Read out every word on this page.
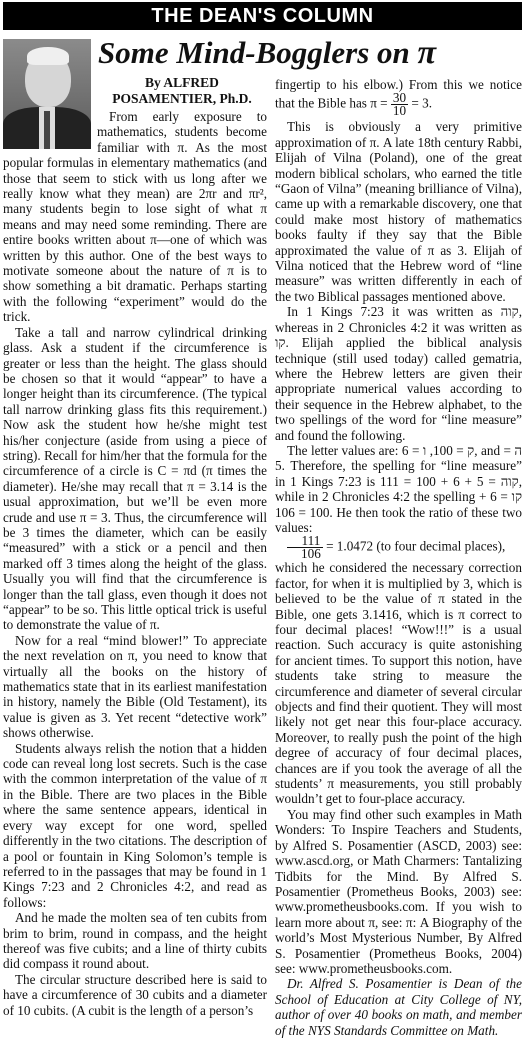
THE DEAN'S COLUMN
Some Mind-Bogglers on π
By ALFRED
POSAMENTIER, Ph.D.

From early exposure to mathematics, students become familiar with π. As the most popular formulas in elementary mathematics (and those that seem to stick with us long after we really know what they mean) are 2πr and πr², many students begin to lose sight of what π means and may need some reminding. There are entire books written about π—one of which was written by this author. One of the best ways to motivate someone about the nature of π is to show something a bit dramatic. Perhaps starting with the following “experiment” would do the trick.

Take a tall and narrow cylindrical drinking glass. Ask a student if the circumference is greater or less than the height. The glass should be chosen so that it would “appear” to have a longer height than its circumference. (The typical tall narrow drinking glass fits this requirement.) Now ask the student how he/she might test his/her conjecture (aside from using a piece of string). Recall for him/her that the formula for the circumference of a circle is C = πd (π times the diameter). He/she may recall that π = 3.14 is the usual approximation, but we’ll be even more crude and use π = 3. Thus, the circumference will be 3 times the diameter, which can be easily “measured” with a stick or a pencil and then marked off 3 times along the height of the glass. Usually you will find that the circumference is longer than the tall glass, even though it does not “appear” to be so. This little optical trick is useful to demonstrate the value of π.

Now for a real “mind blower!” To appreciate the next revelation on π, you need to know that virtually all the books on the history of mathematics state that in its earliest manifestation in history, namely the Bible (Old Testament), its value is given as 3. Yet recent “detective work” shows otherwise.

Students always relish the notion that a hidden code can reveal long lost secrets. Such is the case with the common interpretation of the value of π in the Bible. There are two places in the Bible where the same sentence appears, identical in every way except for one word, spelled differently in the two citations. The description of a pool or fountain in King Solomon’s temple is referred to in the passages that may be found in 1 Kings 7:23 and 2 Chronicles 4:2, and read as follows:

And he made the molten sea of ten cubits from brim to brim, round in compass, and the height thereof was five cubits; and a line of thirty cubits did compass it round about.

The circular structure described here is said to have a circumference of 30 cubits and a diameter of 10 cubits. (A cubit is the length of a person’s

fingertip to his elbow.) From this we notice that the Bible has $\pi = \frac{30}{10} = 3$.

This is obviously a very primitive approximation of π. A late 18th century Rabbi, Elijah of Vilna (Poland), one of the great modern biblical scholars, who earned the title “Gaon of Vilna” (meaning brilliance of Vilna), came up with a remarkable discovery, one that could make most history of mathematics books faulty if they say that the Bible approximated the value of π as 3. Elijah of Vilna noticed that the Hebrew word of “line measure” was written differently in each of the two Biblical passages mentioned above.

In 1 Kings 7:23 it was written as קוה, whereas in 2 Chronicles 4:2 it was written as קו. Elijah applied the biblical analysis technique (still used today) called gematria, where the Hebrew letters are given their appropriate numerical values according to their sequence in the Hebrew alphabet, to the two spellings of the word for “line measure” and found the following.

The letter values are: ק = 100, ו = 6, and ה = 5. Therefore, the spelling for “line measure” in 1 Kings 7:23 is קוה = 5 + 6 + 100 = 111, while in 2 Chronicles 4:2 the spelling קו = 6 + 100 = 106. He then took the ratio of these two values:

$\frac{111}{106} = 1.0472$ (to four decimal places),

which he considered the necessary correction factor, for when it is multiplied by 3, which is believed to be the value of π stated in the Bible, one gets 3.1416, which is π correct to four decimal places! “Wow!!!” is a usual reaction. Such accuracy is quite astonishing for ancient times. To support this notion, have students take string to measure the circumference and diameter of several circular objects and find their quotient. They will most likely not get near this four-place accuracy. Moreover, to really push the point of the high degree of accuracy of four decimal places, chances are if you took the average of all the students’ π measurements, you still probably wouldn’t get to four-place accuracy.

You may find other such examples in Math Wonders: To Inspire Teachers and Students, by Alfred S. Posamentier (ASCD, 2003) see: www.ascd.org, or Math Charmers: Tantalizing Tidbits for the Mind. By Alfred S. Posamentier (Prometheus Books, 2003) see: www.prometheusbooks.com. If you wish to learn more about π, see: π: A Biography of the world’s Most Mysterious Number, By Alfred S. Posamentier (Prometheus Books, 2004) see: www.prometheusbooks.com.

Dr. Alfred S. Posamentier is Dean of the School of Education at City College of NY, author of over 40 books on math, and member of the NYS Standards Committee on Math.
